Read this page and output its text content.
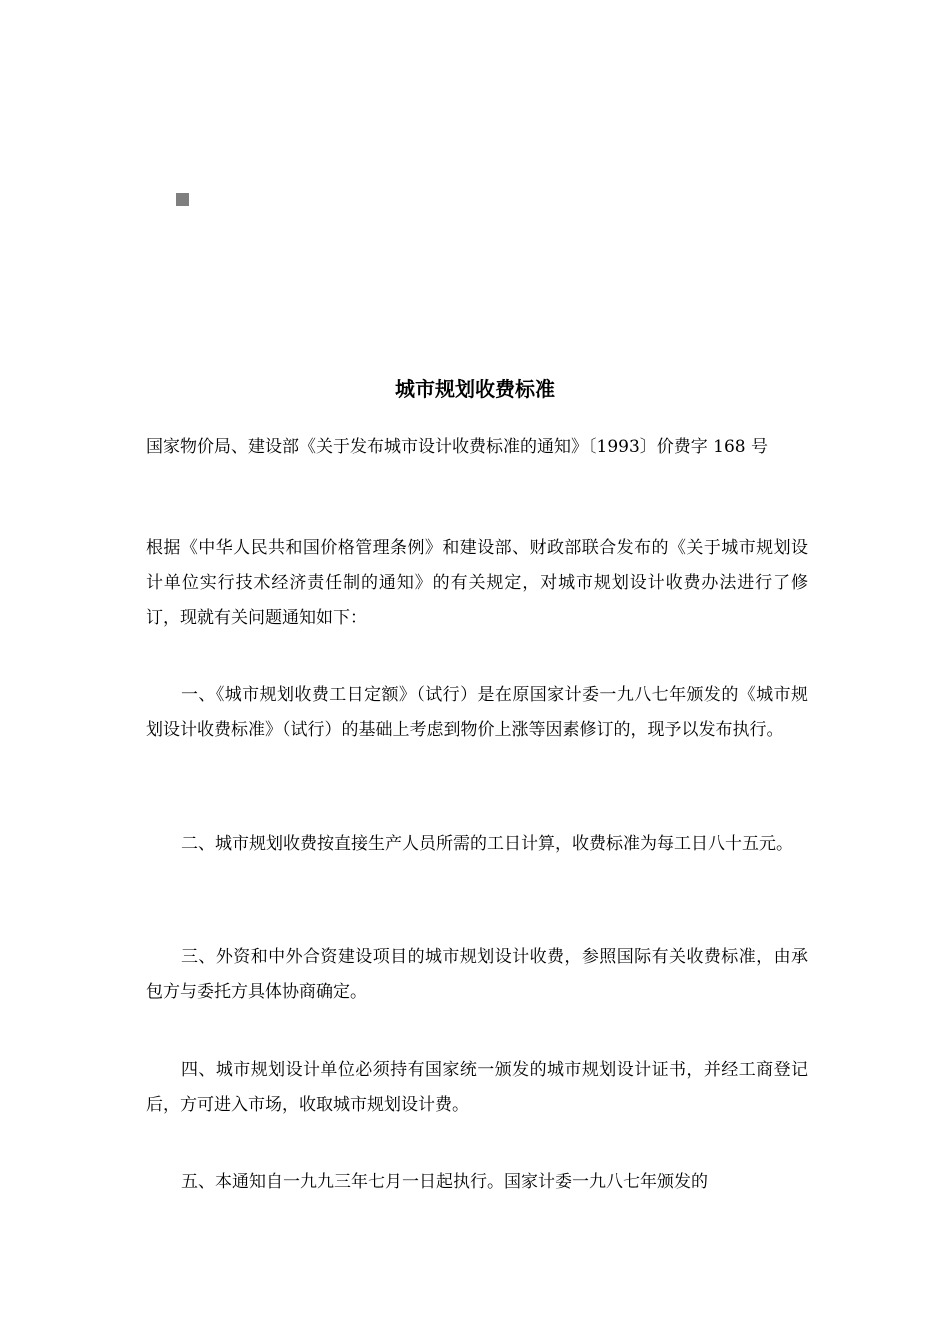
城市规划收费标准

国家物价局、建设部《关于发布城市设计收费标准的通知》〔1993〕价费字 168 号

根据《中华人民共和国价格管理条例》和建设部、财政部联合发布的《关于城市规划设计单位实行技术经济责任制的通知》的有关规定，对城市规划设计收费办法进行了修订，现就有关问题通知如下：

一、《城市规划收费工日定额》（试行）是在原国家计委一九八七年颁发的《城市规划设计收费标准》（试行）的基础上考虑到物价上涨等因素修订的，现予以发布执行。

二、城市规划收费按直接生产人员所需的工日计算，收费标准为每工日八十五元。

三、外资和中外合资建设项目的城市规划设计收费，参照国际有关收费标准，由承包方与委托方具体协商确定。

四、城市规划设计单位必须持有国家统一颁发的城市规划设计证书，并经工商登记后，方可进入市场，收取城市规划设计费。

五、本通知自一九九三年七月一日起执行。国家计委一九八七年颁发的
